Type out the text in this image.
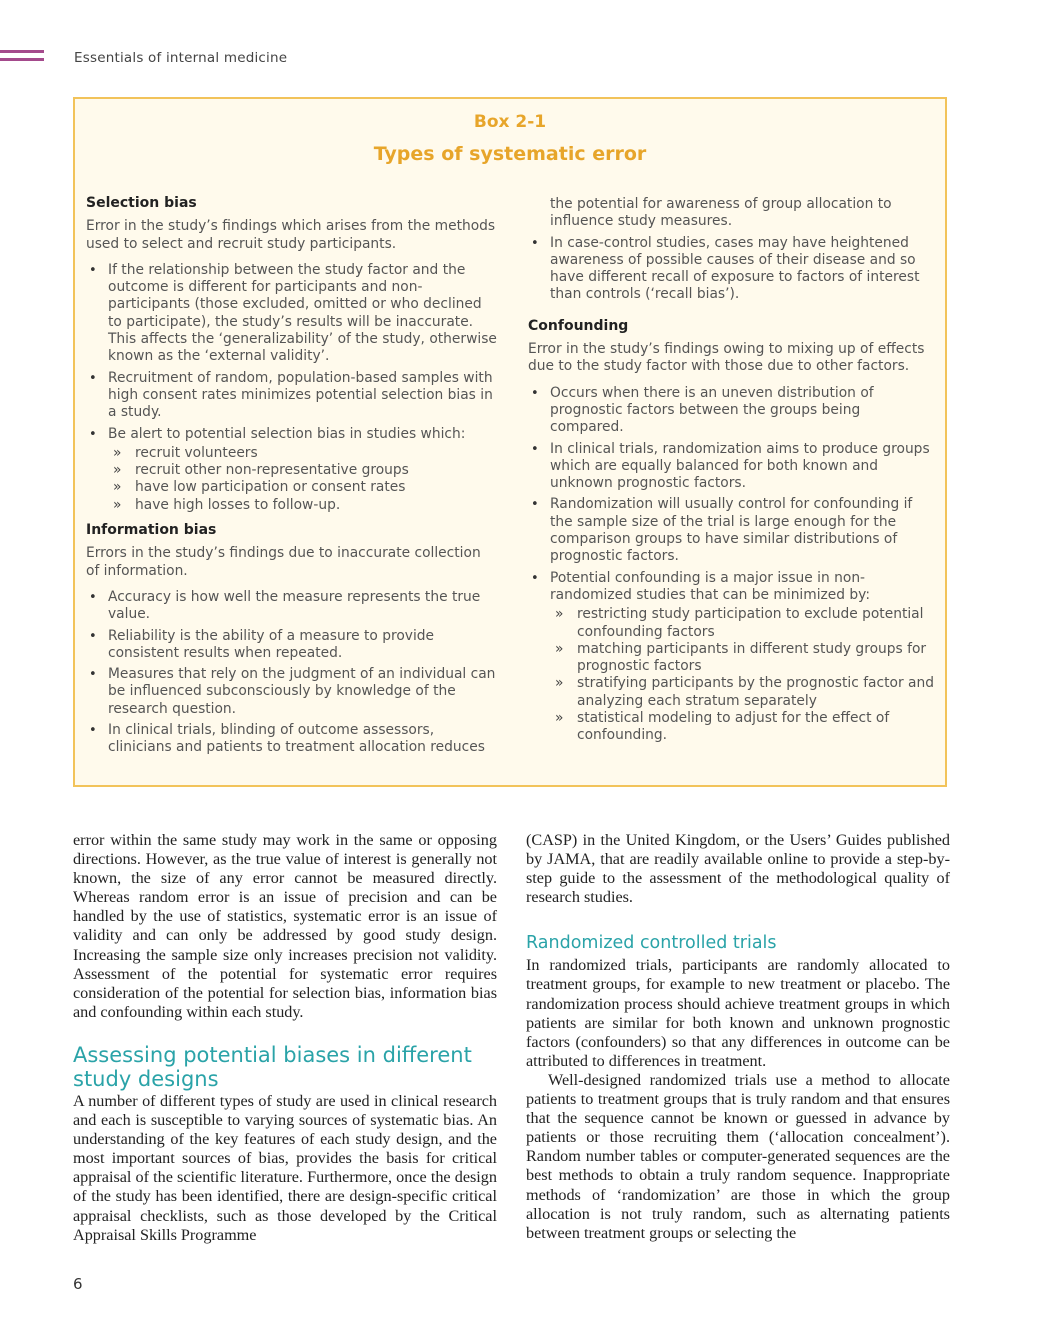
Essentials of internal medicine
Box 2-1
Types of systematic error
Selection bias

Error in the study’s findings which arises from the methods used to select and recruit study participants.

• If the relationship between the study factor and the outcome is different for participants and non-participants (those excluded, omitted or who declined to participate), the study’s results will be inaccurate. This affects the ‘generalizability’ of the study, otherwise known as the ‘external validity’.
• Recruitment of random, population-based samples with high consent rates minimizes potential selection bias in a study.
• Be alert to potential selection bias in studies which:
» recruit volunteers
» recruit other non-representative groups
» have low participation or consent rates
» have high losses to follow-up.
Information bias

Errors in the study’s findings due to inaccurate collection of information.

• Accuracy is how well the measure represents the true value.
• Reliability is the ability of a measure to provide consistent results when repeated.
• Measures that rely on the judgment of an individual can be influenced subconsciously by knowledge of the research question.
• In clinical trials, blinding of outcome assessors, clinicians and patients to treatment allocation reduces
the potential for awareness of group allocation to influence study measures.
• In case-control studies, cases may have heightened awareness of possible causes of their disease and so have different recall of exposure to factors of interest than controls (‘recall bias’).
Confounding

Error in the study’s findings owing to mixing up of effects due to the study factor with those due to other factors.

• Occurs when there is an uneven distribution of prognostic factors between the groups being compared.
• In clinical trials, randomization aims to produce groups which are equally balanced for both known and unknown prognostic factors.
• Randomization will usually control for confounding if the sample size of the trial is large enough for the comparison groups to have similar distributions of prognostic factors.
• Potential confounding is a major issue in non-randomized studies that can be minimized by:
» restricting study participation to exclude potential confounding factors
» matching participants in different study groups for prognostic factors
» stratifying participants by the prognostic factor and analyzing each stratum separately
» statistical modeling to adjust for the effect of confounding.

error within the same study may work in the same or opposing directions. However, as the true value of interest is generally not known, the size of any error cannot be measured directly. Whereas random error is an issue of precision and can be handled by the use of statistics, systematic error is an issue of validity and can only be addressed by good study design. Increasing the sample size only increases precision not validity. Assessment of the potential for systematic error requires consideration of the potential for selection bias, information bias and confounding within each study.

Assessing potential biases in different study designs

A number of different types of study are used in clinical research and each is susceptible to varying sources of systematic bias. An understanding of the key features of each study design, and the most important sources of bias, provides the basis for critical appraisal of the scientific literature. Furthermore, once the design of the study has been identified, there are design-specific critical appraisal checklists, such as those developed by the Critical Appraisal Skills Programme

(CASP) in the United Kingdom, or the Users’ Guides published by JAMA, that are readily available online to provide a step-by-step guide to the assessment of the methodological quality of research studies.

Randomized controlled trials

In randomized trials, participants are randomly allocated to treatment groups, for example to new treatment or placebo. The randomization process should achieve treatment groups in which patients are similar for both known and unknown prognostic factors (confounders) so that any differences in outcome can be attributed to differences in treatment.

Well-designed randomized trials use a method to allocate patients to treatment groups that is truly random and that ensures that the sequence cannot be known or guessed in advance by patients or those recruiting them (‘allocation concealment’). Random number tables or computer-generated sequences are the best methods to obtain a truly random sequence. Inappropriate methods of ‘randomization’ are those in which the group allocation is not truly random, such as alternating patients between treatment groups or selecting the

6
